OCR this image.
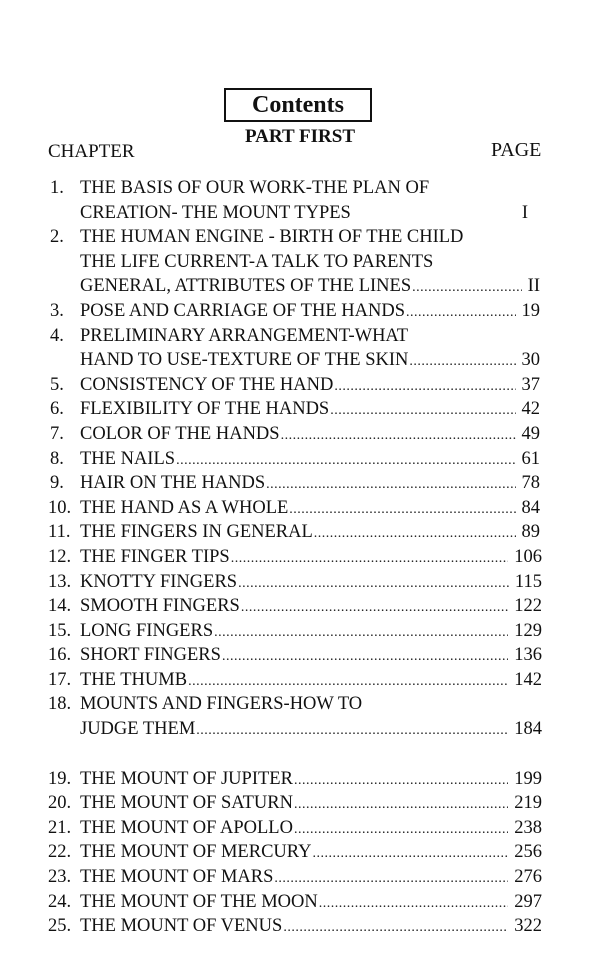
Contents
PART FIRST
CHAPTER	PAGE
1. THE BASIS OF OUR WORK-THE PLAN OF
CREATION- THE MOUNT TYPES	I
2. THE HUMAN ENGINE - BIRTH OF THE CHILD
THE LIFE CURRENT-A TALK TO PARENTS
GENERAL, ATTRIBUTES OF THE LINES .....	II
3. POSE AND CARRIAGE OF THE HANDS .....	19
4. PRELIMINARY ARRANGEMENT-WHAT
HAND TO USE-TEXTURE OF THE SKIN .....	30
5. CONSISTENCY OF THE HAND .....	37
6. FLEXIBILITY OF THE HANDS .....	42
7. COLOR OF THE HANDS .....	49
8. THE NAILS .....	61
9. HAIR ON THE HANDS .....	78
10. THE HAND AS A WHOLE .....	84
11. THE FINGERS IN GENERAL .....	89
12. THE FINGER TIPS .....	106
13. KNOTTY FINGERS .....	115
14. SMOOTH FINGERS .....	122
15. LONG FINGERS .....	129
16. SHORT FINGERS .....	136
17. THE THUMB .....	142
18. MOUNTS AND FINGERS-HOW TO
JUDGE THEM .....	184
19. THE MOUNT OF JUPITER .....	199
20. THE MOUNT OF SATURN .....	219
21. THE MOUNT OF APOLLO .....	238
22. THE MOUNT OF MERCURY .....	256
23. THE MOUNT OF MARS .....	276
24. THE MOUNT OF THE MOON .....	297
25. THE MOUNT OF VENUS .....	322
